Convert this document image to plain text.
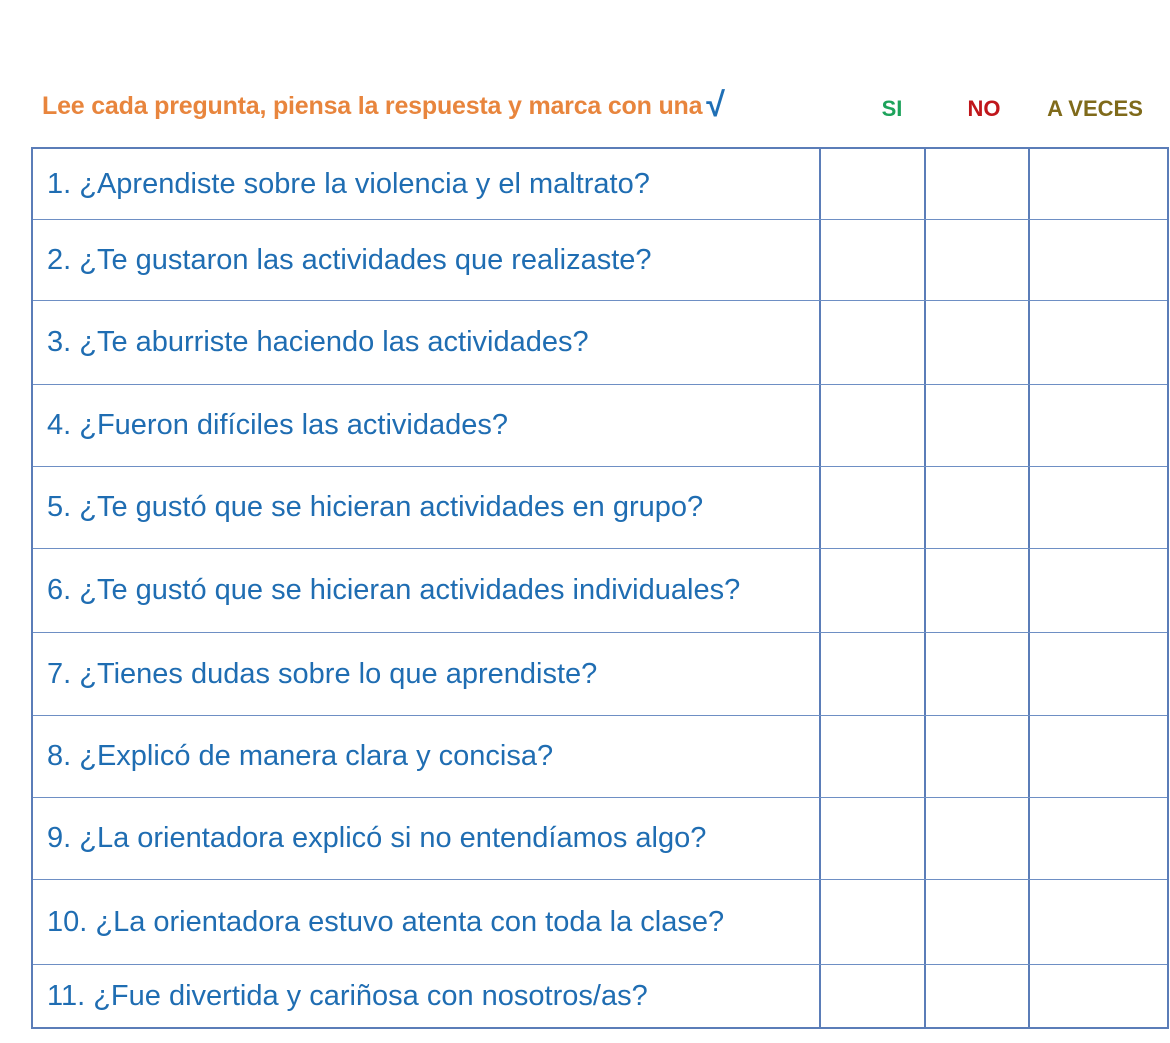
Lee cada pregunta, piensa la respuesta y marca con una √	SI	NO	A VECES
1. ¿Aprendiste sobre la violencia y el maltrato?
2. ¿Te gustaron las actividades que realizaste?
3. ¿Te aburriste haciendo las actividades?
4. ¿Fueron difíciles las actividades?
5. ¿Te gustó que se hicieran actividades en grupo?
6. ¿Te gustó que se hicieran actividades individuales?
7. ¿Tienes dudas sobre lo que aprendiste?
8. ¿Explicó de manera clara y concisa?
9. ¿La orientadora explicó si no entendíamos algo?
10. ¿La orientadora estuvo atenta con toda la clase?
11. ¿Fue divertida y cariñosa con nosotros/as?
